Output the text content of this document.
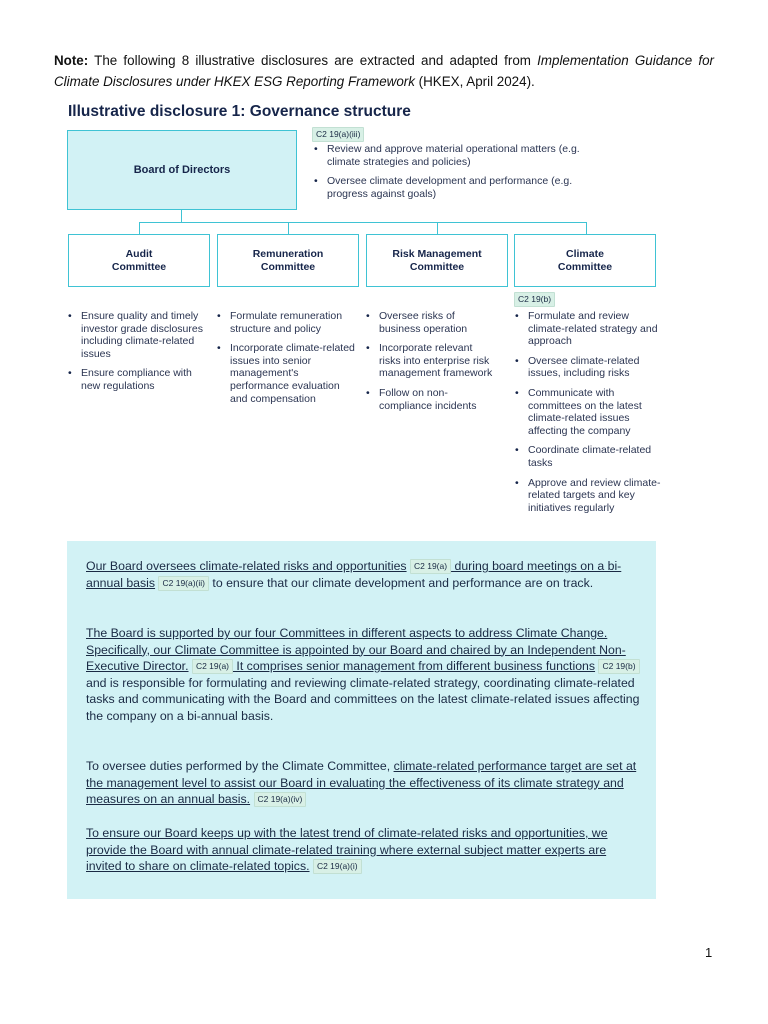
Note: The following 8 illustrative disclosures are extracted and adapted from Implementation Guidance for Climate Disclosures under HKEX ESG Reporting Framework (HKEX, April 2024).
Illustrative disclosure 1: Governance structure
Board of Directors
C2 19(a)(iii)
• Review and approve material operational matters (e.g. climate strategies and policies)
• Oversee climate development and performance (e.g. progress against goals)
Audit
Committee
Remuneration
Committee
Risk Management
Committee
Climate
Committee
C2 19(b)
• Ensure quality and timely investor grade disclosures including climate-related issues
• Ensure compliance with new regulations
• Formulate remuneration structure and policy
• Incorporate climate-related issues into senior management's performance evaluation and compensation
• Oversee risks of business operation
• Incorporate relevant risks into enterprise risk management framework
• Follow on non-compliance incidents
• Formulate and review climate-related strategy and approach
• Oversee climate-related issues, including risks
• Communicate with committees on the latest climate-related issues affecting the company
• Coordinate climate-related tasks
• Approve and review climate-related targets and key initiatives regularly
Our Board oversees climate-related risks and opportunities C2 19(a) during board meetings on a bi-annual basis C2 19(a)(ii) to ensure that our climate development and performance are on track.
The Board is supported by our four Committees in different aspects to address Climate Change. Specifically, our Climate Committee is appointed by our Board and chaired by an Independent Non-Executive Director. C2 19(a) It comprises senior management from different business functions C2 19(b) and is responsible for formulating and reviewing climate-related strategy, coordinating climate-related tasks and communicating with the Board and committees on the latest climate-related issues affecting the company on a bi-annual basis.
To oversee duties performed by the Climate Committee, climate-related performance target are set at the management level to assist our Board in evaluating the effectiveness of its climate strategy and measures on an annual basis. C2 19(a)(iv)
To ensure our Board keeps up with the latest trend of climate-related risks and opportunities, we provide the Board with annual climate-related training where external subject matter experts are invited to share on climate-related topics. C2 19(a)(i)
1
